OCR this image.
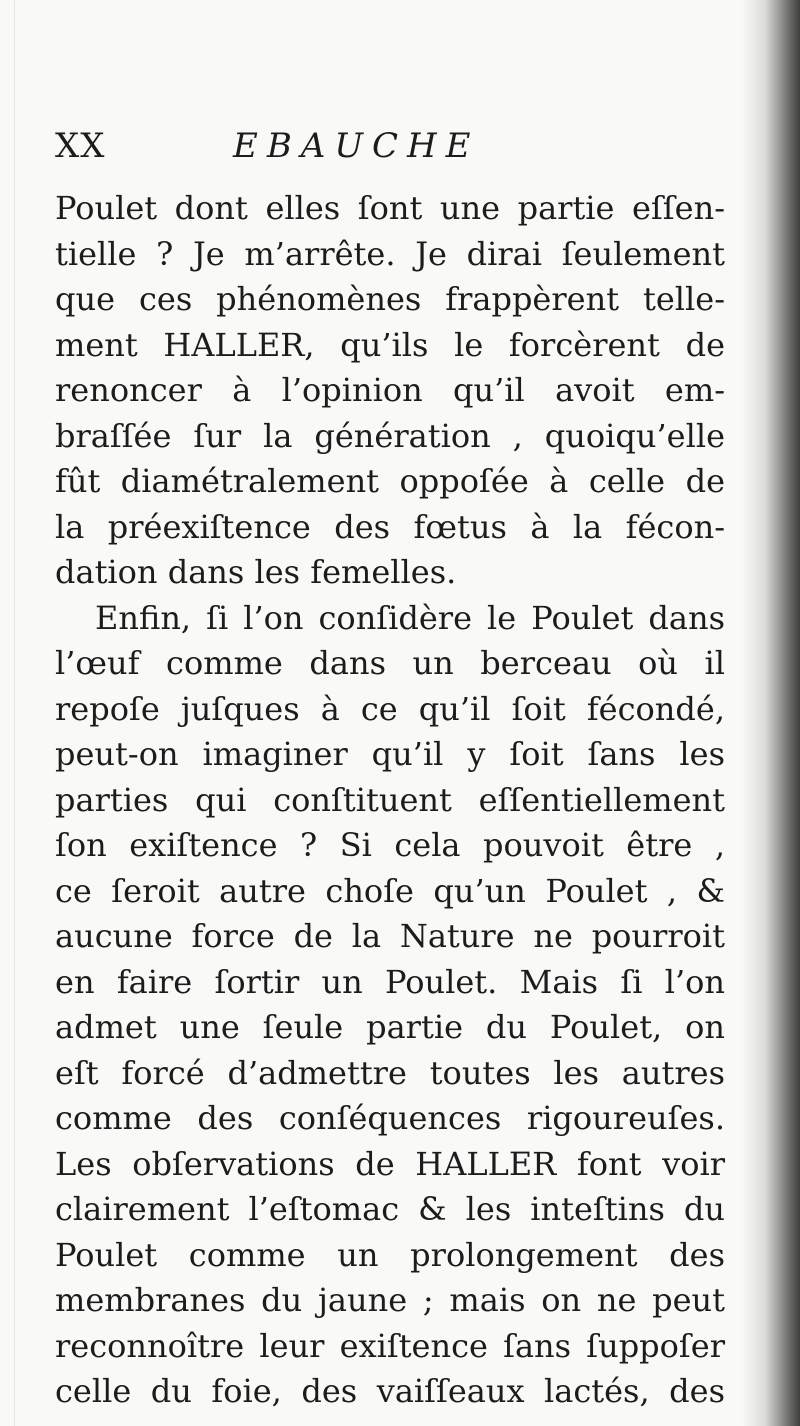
XX	EBAUCHE
Poulet dont elles ſont une partie eſſen-
tielle ? Je m’arrête. Je dirai ſeulement
que ces phénomènes frappèrent telle-
ment HALLER, qu’ils le forcèrent de
renoncer à l’opinion qu’il avoit em-
braſſée ſur la génération , quoiqu’elle
fût diamétralement oppoſée à celle de
la préexiſtence des fœtus à la fécon-
dation dans les femelles.
Enfin, ſi l’on conſidère le Poulet dans
l’œuf comme dans un berceau où il
repoſe juſques à ce qu’il ſoit fécondé,
peut-on imaginer qu’il y ſoit ſans les
parties qui conſtituent eſſentiellement
ſon exiſtence ? Si cela pouvoit être ,
ce ſeroit autre choſe qu’un Poulet , &
aucune force de la Nature ne pourroit
en faire ſortir un Poulet. Mais ſi l’on
admet une ſeule partie du Poulet, on
eſt forcé d’admettre toutes les autres
comme des conſéquences rigoureuſes.
Les obſervations de HALLER font voir
clairement l’eſtomac & les inteſtins du
Poulet comme un prolongement des
membranes du jaune ; mais on ne peut
reconnoître leur exiſtence ſans ſuppoſer
celle du foie, des vaiſſeaux lactés, des
